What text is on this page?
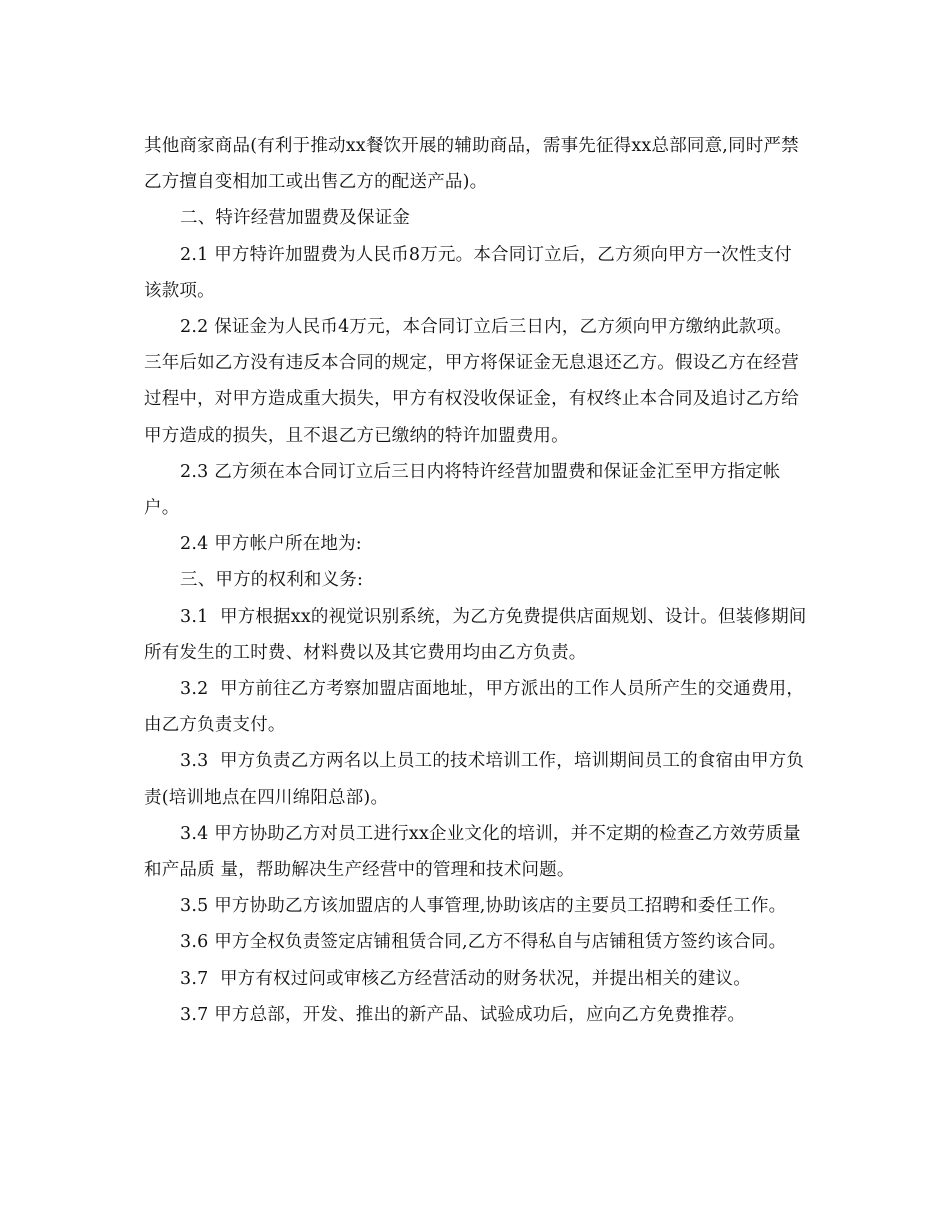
其他商家商品(有利于推动xx餐饮开展的辅助商品，需事先征得xx总部同意,同时严禁乙方擅自变相加工或出售乙方的配送产品)。

二、特许经营加盟费及保证金

2.1 甲方特许加盟费为人民币8万元。本合同订立后，乙方须向甲方一次性支付该款项。

2.2 保证金为人民币4万元，本合同订立后三日内，乙方须向甲方缴纳此款项。三年后如乙方没有违反本合同的规定，甲方将保证金无息退还乙方。假设乙方在经营过程中，对甲方造成重大损失，甲方有权没收保证金，有权终止本合同及追讨乙方给甲方造成的损失，且不退乙方已缴纳的特许加盟费用。

2.3 乙方须在本合同订立后三日内将特许经营加盟费和保证金汇至甲方指定帐户。

2.4 甲方帐户所在地为:

三、甲方的权利和义务:

3.1  甲方根据xx的视觉识别系统，为乙方免费提供店面规划、设计。但装修期间所有发生的工时费、材料费以及其它费用均由乙方负责。

3.2  甲方前往乙方考察加盟店面地址，甲方派出的工作人员所产生的交通费用，由乙方负责支付。

3.3  甲方负责乙方两名以上员工的技术培训工作，培训期间员工的食宿由甲方负责(培训地点在四川绵阳总部)。

3.4 甲方协助乙方对员工进行xx企业文化的培训，并不定期的检查乙方效劳质量和产品质 量，帮助解决生产经营中的管理和技术问题。

3.5 甲方协助乙方该加盟店的人事管理,协助该店的主要员工招聘和委任工作。

3.6 甲方全权负责签定店铺租赁合同,乙方不得私自与店铺租赁方签约该合同。

3.7  甲方有权过问或审核乙方经营活动的财务状况，并提出相关的建议。

3.7 甲方总部，开发、推出的新产品、试验成功后，应向乙方免费推荐。
